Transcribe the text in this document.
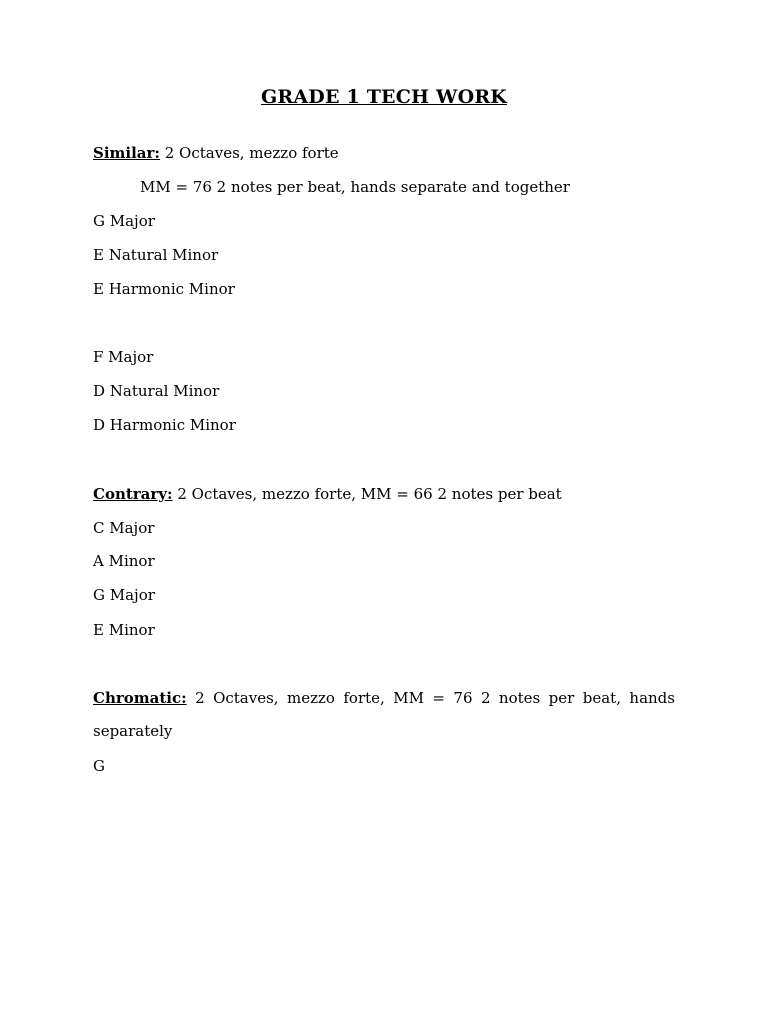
GRADE 1 TECH WORK
Similar: 2 Octaves, mezzo forte
MM = 76 2 notes per beat, hands separate and together
G Major
E Natural Minor
E Harmonic Minor
F Major
D Natural Minor
D Harmonic Minor
Contrary: 2 Octaves, mezzo forte, MM = 66 2 notes per beat
C Major
A Minor
G Major
E Minor
Chromatic: 2 Octaves, mezzo forte, MM = 76 2 notes per beat, hands
separately
G
